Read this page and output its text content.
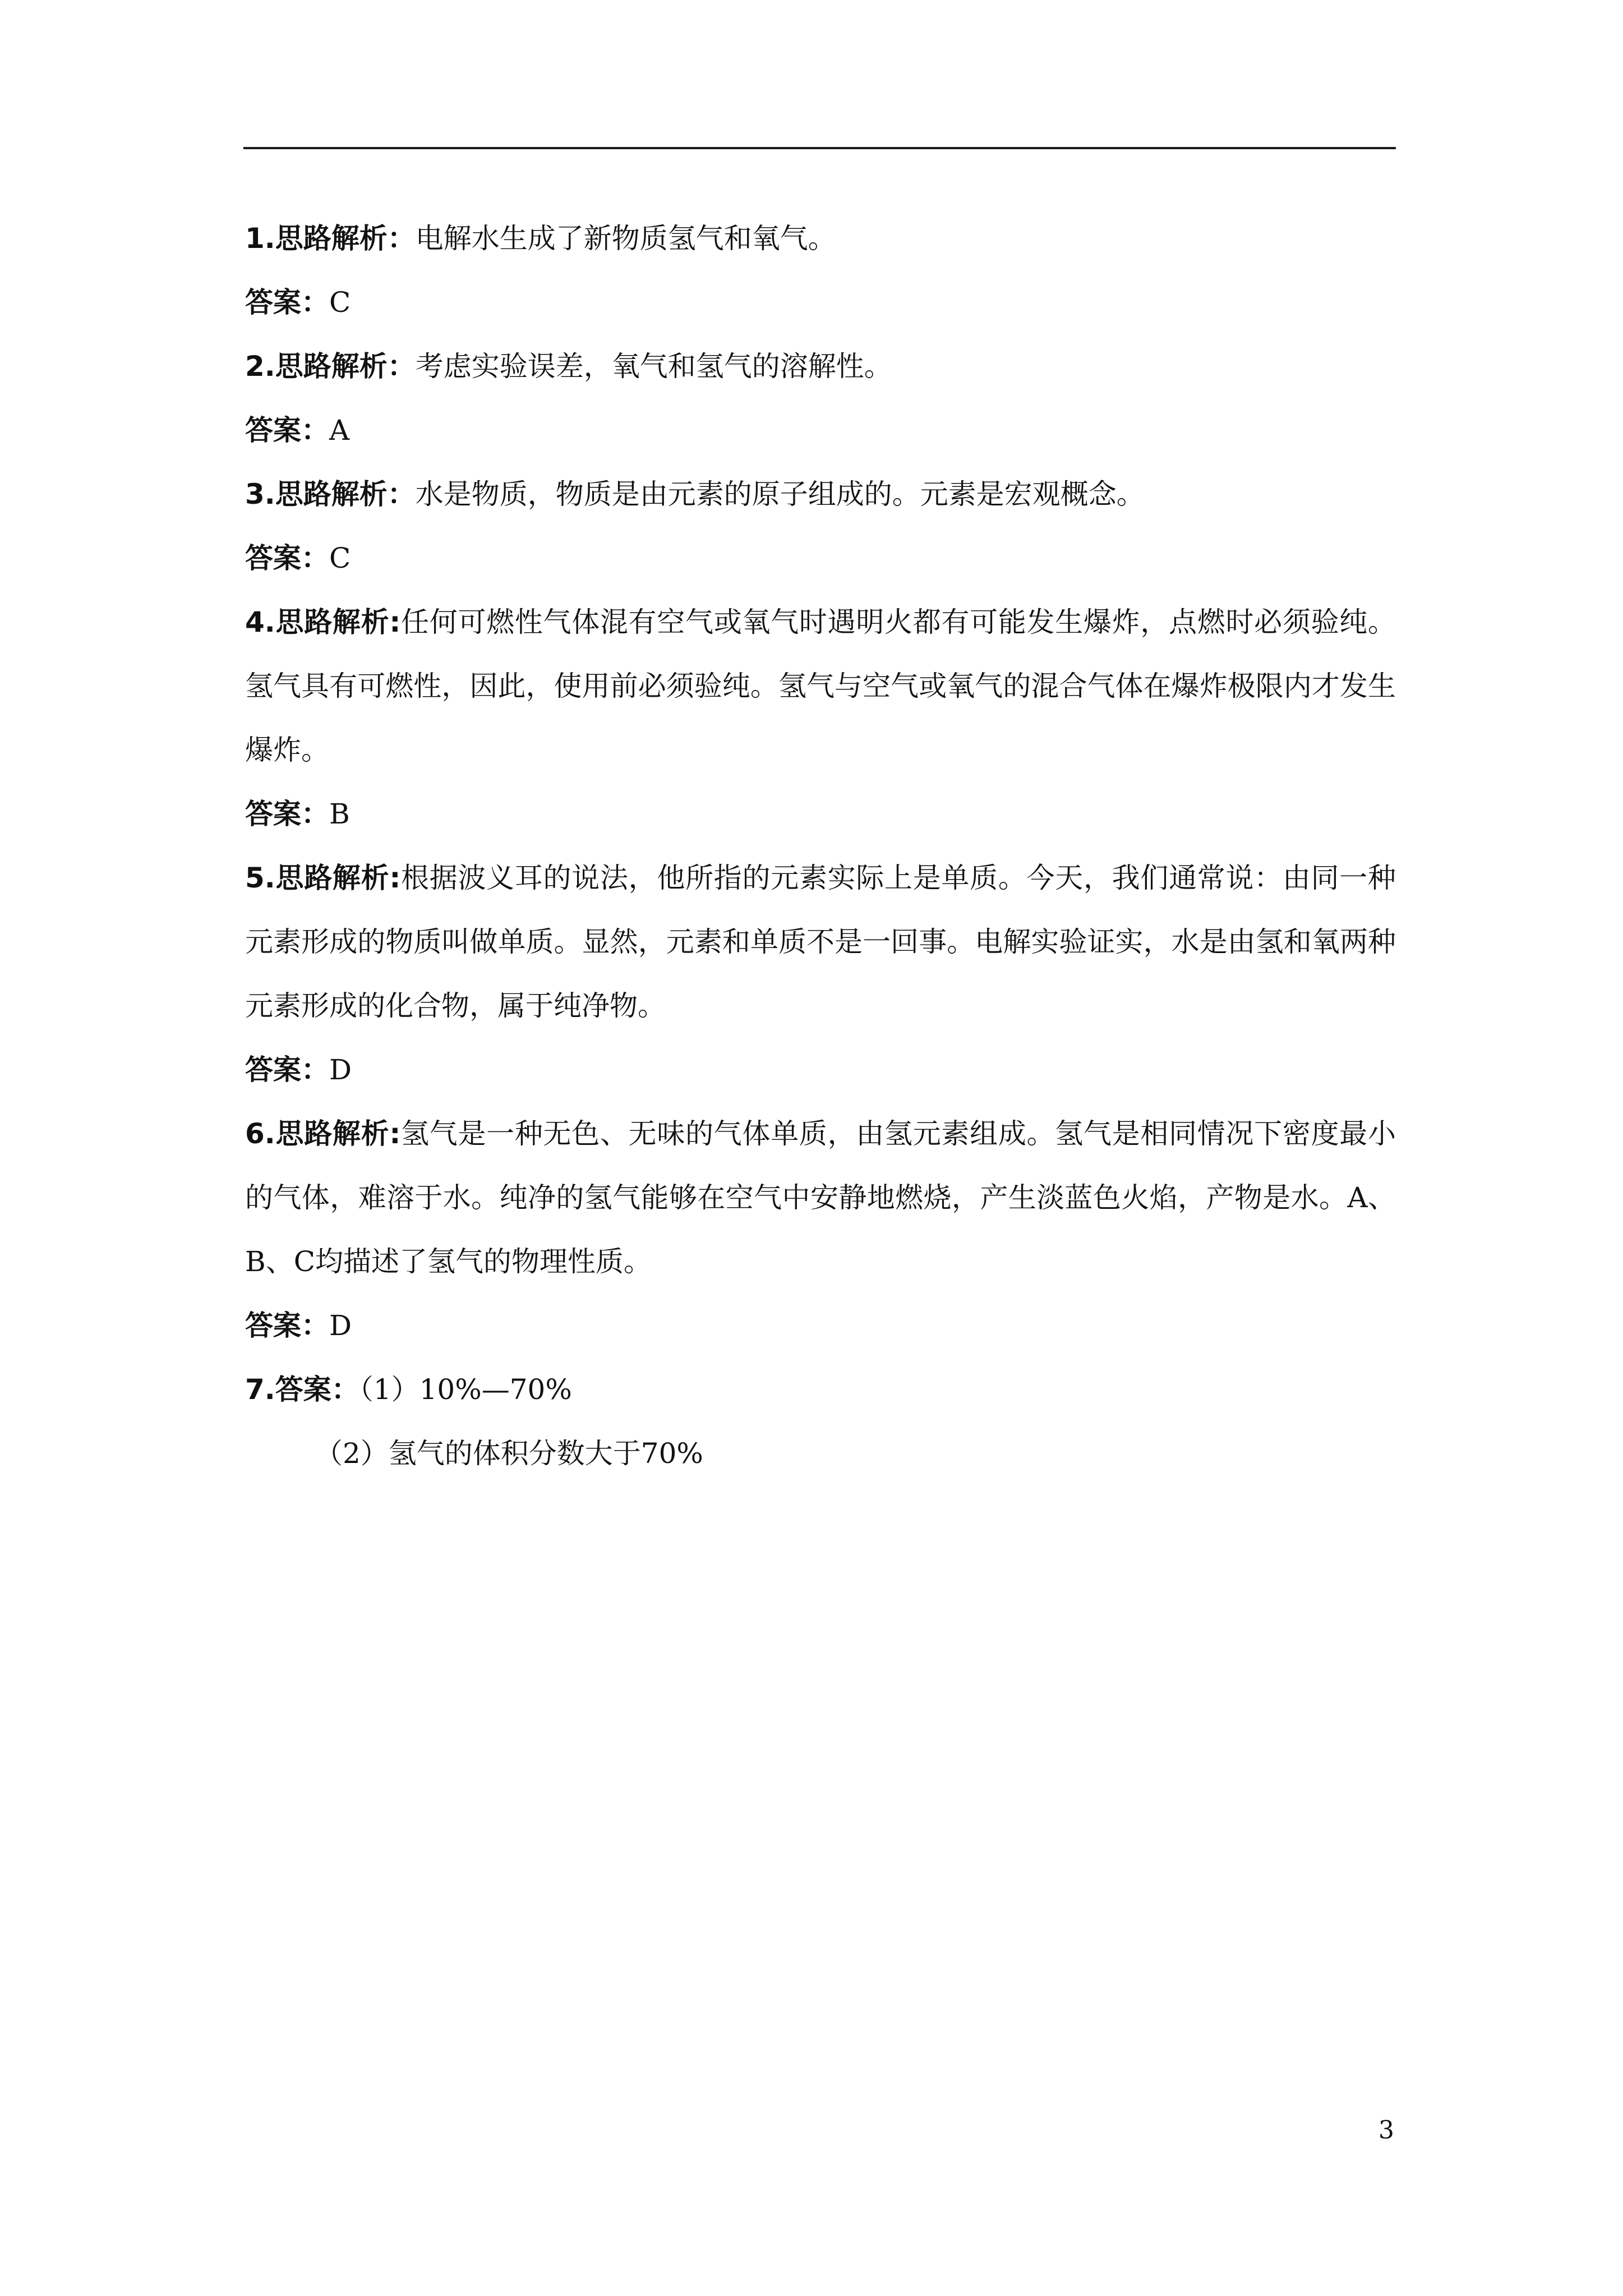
1.思路解析：电解水生成了新物质氢气和氧气。

答案：C

2.思路解析：考虑实验误差，氧气和氢气的溶解性。

答案：A

3.思路解析：水是物质，物质是由元素的原子组成的。元素是宏观概念。

答案：C

4.思路解析:任何可燃性气体混有空气或氧气时遇明火都有可能发生爆炸，点燃时必须验纯。氢气具有可燃性，因此，使用前必须验纯。氢气与空气或氧气的混合气体在爆炸极限内才发生爆炸。

答案：B

5.思路解析:根据波义耳的说法，他所指的元素实际上是单质。今天，我们通常说：由同一种元素形成的物质叫做单质。显然，元素和单质不是一回事。电解实验证实，水是由氢和氧两种元素形成的化合物，属于纯净物。

答案：D

6.思路解析:氢气是一种无色、无味的气体单质，由氢元素组成。氢气是相同情况下密度最小的气体，难溶于水。纯净的氢气能够在空气中安静地燃烧，产生淡蓝色火焰，产物是水。A、B、C均描述了氢气的物理性质。

答案：D

7.答案：（1）10%—70%

（2）氢气的体积分数大于70%

3
